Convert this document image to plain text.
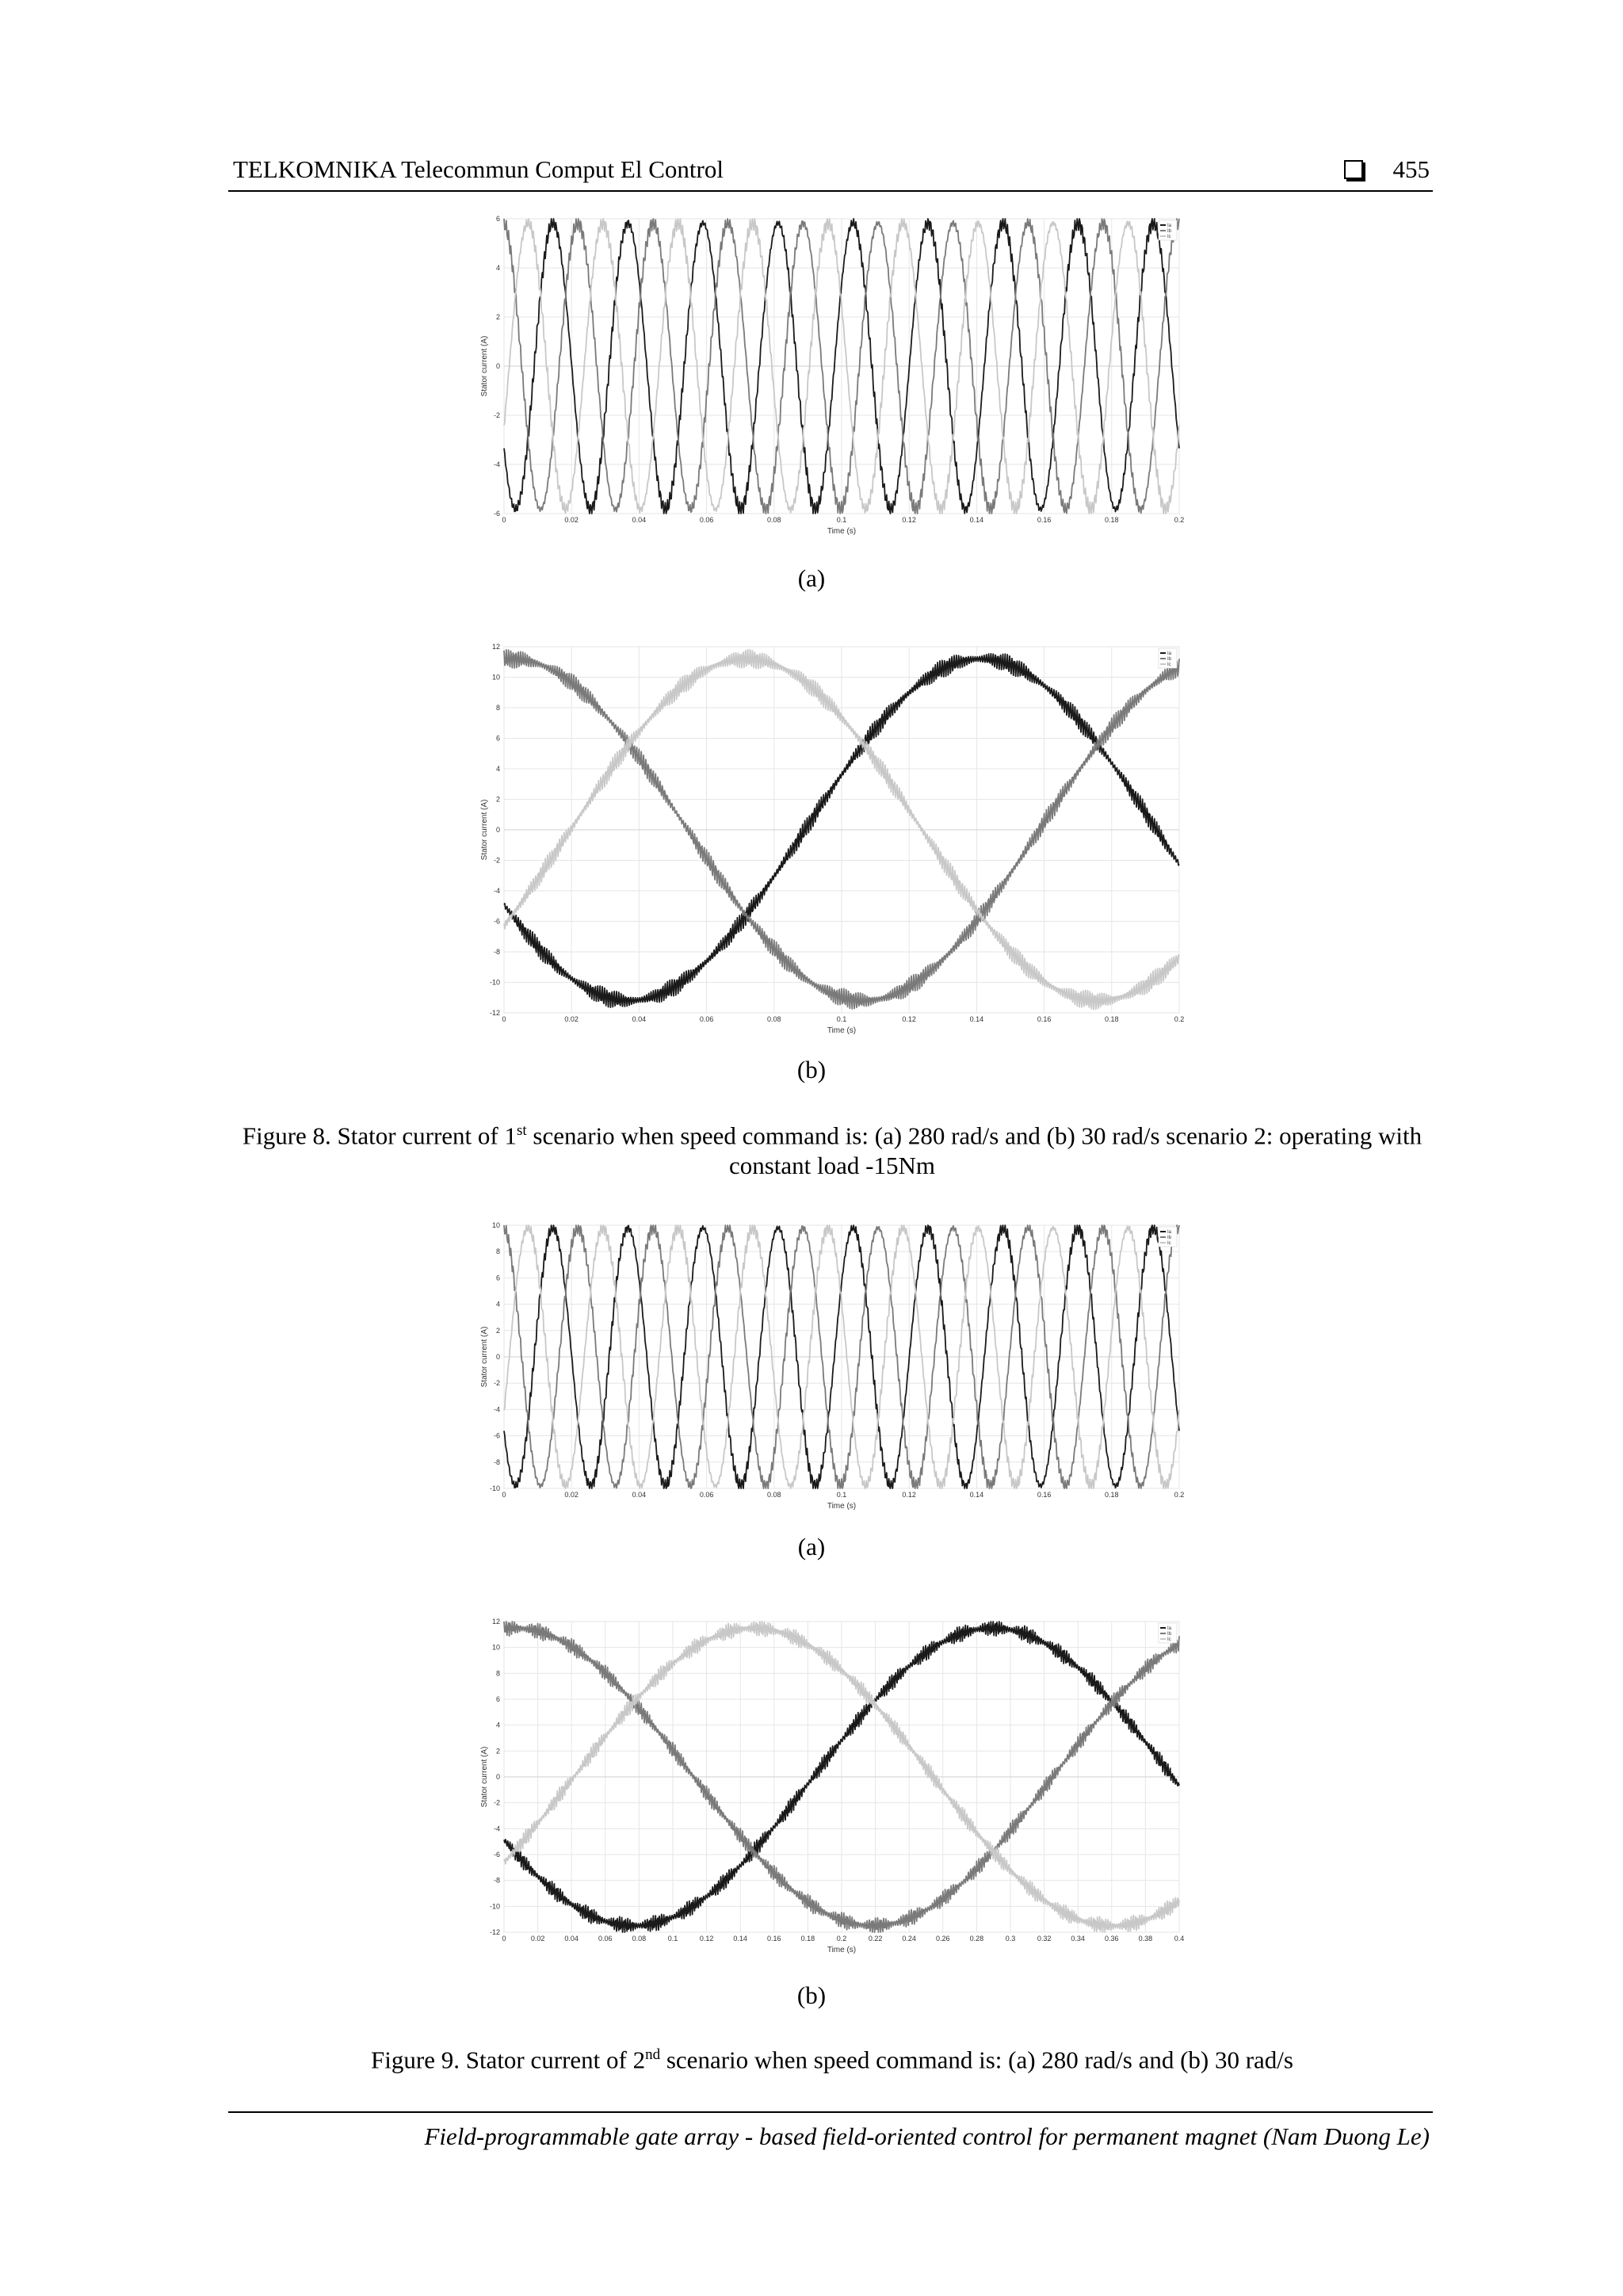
TELKOMNIKA Telecommun Comput El Control	455
0	0.02	0.04	0.06	0.08	0.1	0.12	0.14	0.16	0.18	0.2
6
4
2
0
-2
-4
-6
Time (s)
Stator current (A)
Ia
Ib
Ic
(a)
0	0.02	0.04	0.06	0.08	0.1	0.12	0.14	0.16	0.18	0.2
12
10
8
6
4
2
0
-2
-4
-6
-8
-10
-12
Time (s)
Stator current (A)
Ia
Ib
Ic
(b)
Figure 8. Stator current of 1st scenario when speed command is: (a) 280 rad/s and (b) 30 rad/s scenario 2: operating with constant load -15Nm
0	0.02	0.04	0.06	0.08	0.1	0.12	0.14	0.16	0.18	0.2
10
8
6
4
2
0
-2
-4
-6
-8
-10
Time (s)
Stator current (A)
Ia
Ib
Ic
(a)
0	0.02	0.04	0.06	0.08	0.1	0.12	0.14	0.16	0.18	0.2	0.22	0.24	0.26	0.28	0.3	0.32	0.34	0.36	0.38	0.4
12
10
8
6
4
2
0
-2
-4
-6
-8
-10
-12
Time (s)
Stator current (A)
Ia
Ib
Ic
(b)
Figure 9. Stator current of 2nd scenario when speed command is: (a) 280 rad/s and (b) 30 rad/s
Field-programmable gate array - based field-oriented control for permanent magnet (Nam Duong Le)
